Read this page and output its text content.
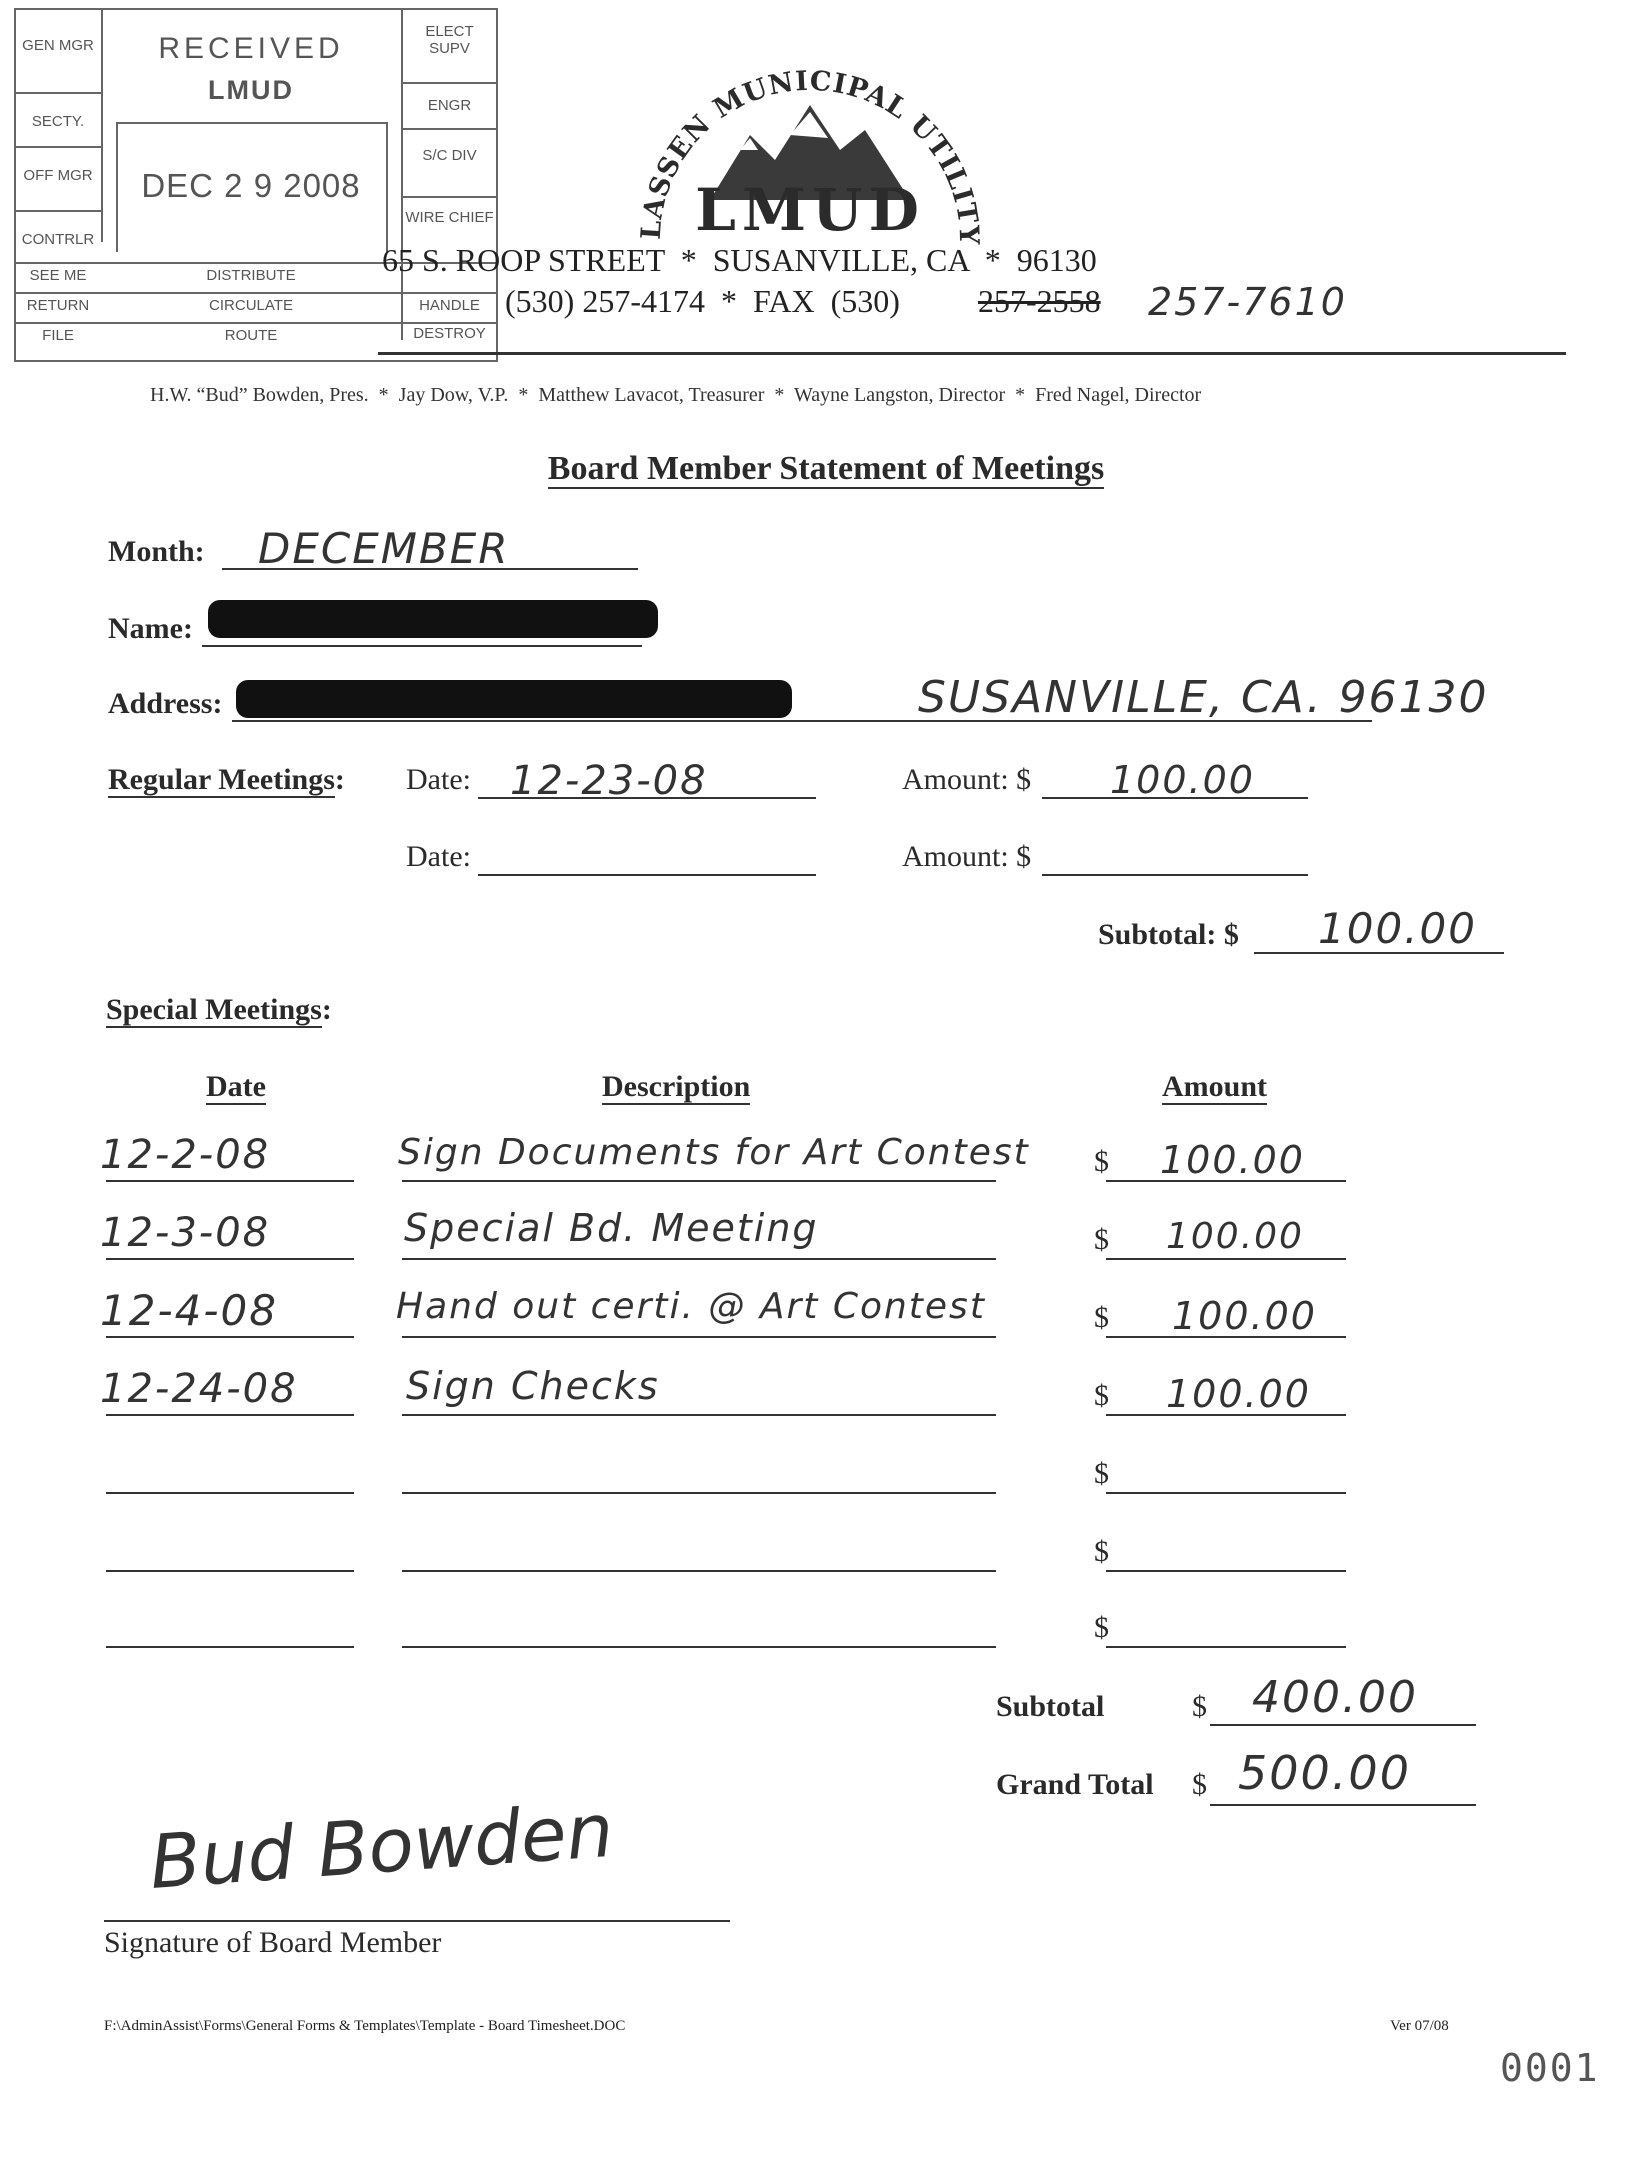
GEN MGR
SECTY.
OFF MGR
CONTRLR
SEE ME
RETURN
FILE
RECEIVED
LMUD
DEC 2 9 2008
ELECT SUPV
ENGR
S/C DIV
WIRE CHIEF
HANDLE
DESTROY
DISTRIBUTE
CIRCULATE
ROUTE
ASSEN MUNICIPAL UTILIT
LMUD
65 S. ROOP STREET  *  SUSANVILLE, CA  *  96130
(530) 257-4174  *  FAX  (530) 257-2558 257-7610
H.W. “Bud” Bowden, Pres.  *  Jay Dow, V.P.  *  Matthew Lavacot, Treasurer  *  Wayne Langston, Director  *  Fred Nagel, Director
Board Member Statement of Meetings
Month: DECEMBER
Name:
Address:	SUSANVILLE, CA. 96130
Regular Meetings: Date: 12-23-08	Amount: $ 100.00
Date:	Amount: $
Subtotal: $ 100.00
Special Meetings:
Date	Description	Amount
12-2-08	Sign Documents for Art Contest $ 100.00
12-3-08	Special Bd. Meeting	$ 100.00
12-4-08	Hand out certi. @ Art Contest	$ 100.00
12-24-08	Sign Checks	$ 100.00
$
$
$
Subtotal	$ 400.00
Grand Total $ 500.00
Bud Bowden
Signature of Board Member
F:\AdminAssist\Forms\General Forms & Templates\Template - Board Timesheet.DOC	Ver 07/08
0001
